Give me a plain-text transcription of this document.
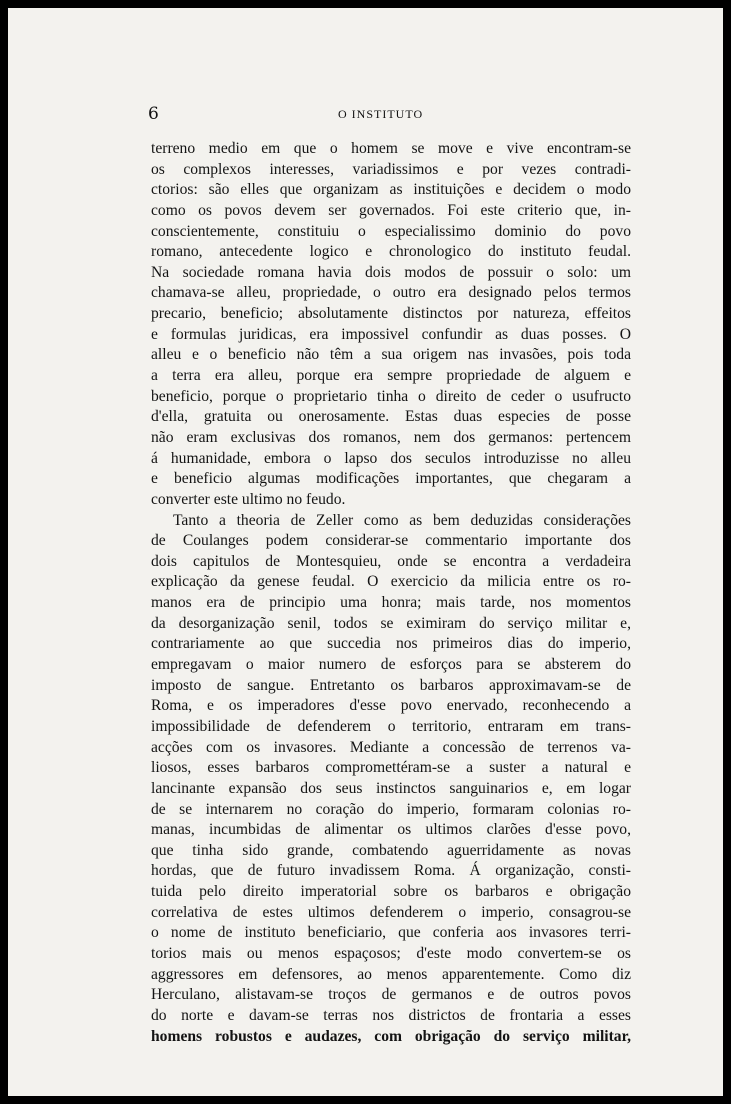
6	O INSTITUTO
terreno medio em que o homem se move e vive encontram-se
os complexos interesses, variadissimos e por vezes contradi-
ctorios: são elles que organizam as instituições e decidem o modo
como os povos devem ser governados. Foi este criterio que, in-
conscientemente, constituiu o especialissimo dominio do povo
romano, antecedente logico e chronologico do instituto feudal.
Na sociedade romana havia dois modos de possuir o solo: um
chamava-se alleu, propriedade, o outro era designado pelos termos
precario, beneficio; absolutamente distinctos por natureza, effeitos
e formulas juridicas, era impossivel confundir as duas posses. O
alleu e o beneficio não têm a sua origem nas invasões, pois toda
a terra era alleu, porque era sempre propriedade de alguem e
beneficio, porque o proprietario tinha o direito de ceder o usufructo
d'ella, gratuita ou onerosamente. Estas duas especies de posse
não eram exclusivas dos romanos, nem dos germanos: pertencem
á humanidade, embora o lapso dos seculos introduzisse no alleu
e beneficio algumas modificações importantes, que chegaram a
converter este ultimo no feudo.
Tanto a theoria de Zeller como as bem deduzidas considerações
de Coulanges podem considerar-se commentario importante dos
dois capitulos de Montesquieu, onde se encontra a verdadeira
explicação da genese feudal. O exercicio da milicia entre os ro-
manos era de principio uma honra; mais tarde, nos momentos
da desorganização senil, todos se eximiram do serviço militar e,
contrariamente ao que succedia nos primeiros dias do imperio,
empregavam o maior numero de esforços para se absterem do
imposto de sangue. Entretanto os barbaros approximavam-se de
Roma, e os imperadores d'esse povo enervado, reconhecendo a
impossibilidade de defenderem o territorio, entraram em trans-
acções com os invasores. Mediante a concessão de terrenos va-
liosos, esses barbaros compromettéram-se a suster a natural e
lancinante expansão dos seus instinctos sanguinarios e, em logar
de se internarem no coração do imperio, formaram colonias ro-
manas, incumbidas de alimentar os ultimos clarões d'esse povo,
que tinha sido grande, combatendo aguerridamente as novas
hordas, que de futuro invadissem Roma. Á organização, consti-
tuida pelo direito imperatorial sobre os barbaros e obrigação
correlativa de estes ultimos defenderem o imperio, consagrou-se
o nome de instituto beneficiario, que conferia aos invasores terri-
torios mais ou menos espaçosos; d'este modo convertem-se os
aggressores em defensores, ao menos apparentemente. Como diz
Herculano, alistavam-se troços de germanos e de outros povos
do norte e davam-se terras nos districtos de frontaria a esses
homens robustos e audazes, com obrigação do serviço militar,
